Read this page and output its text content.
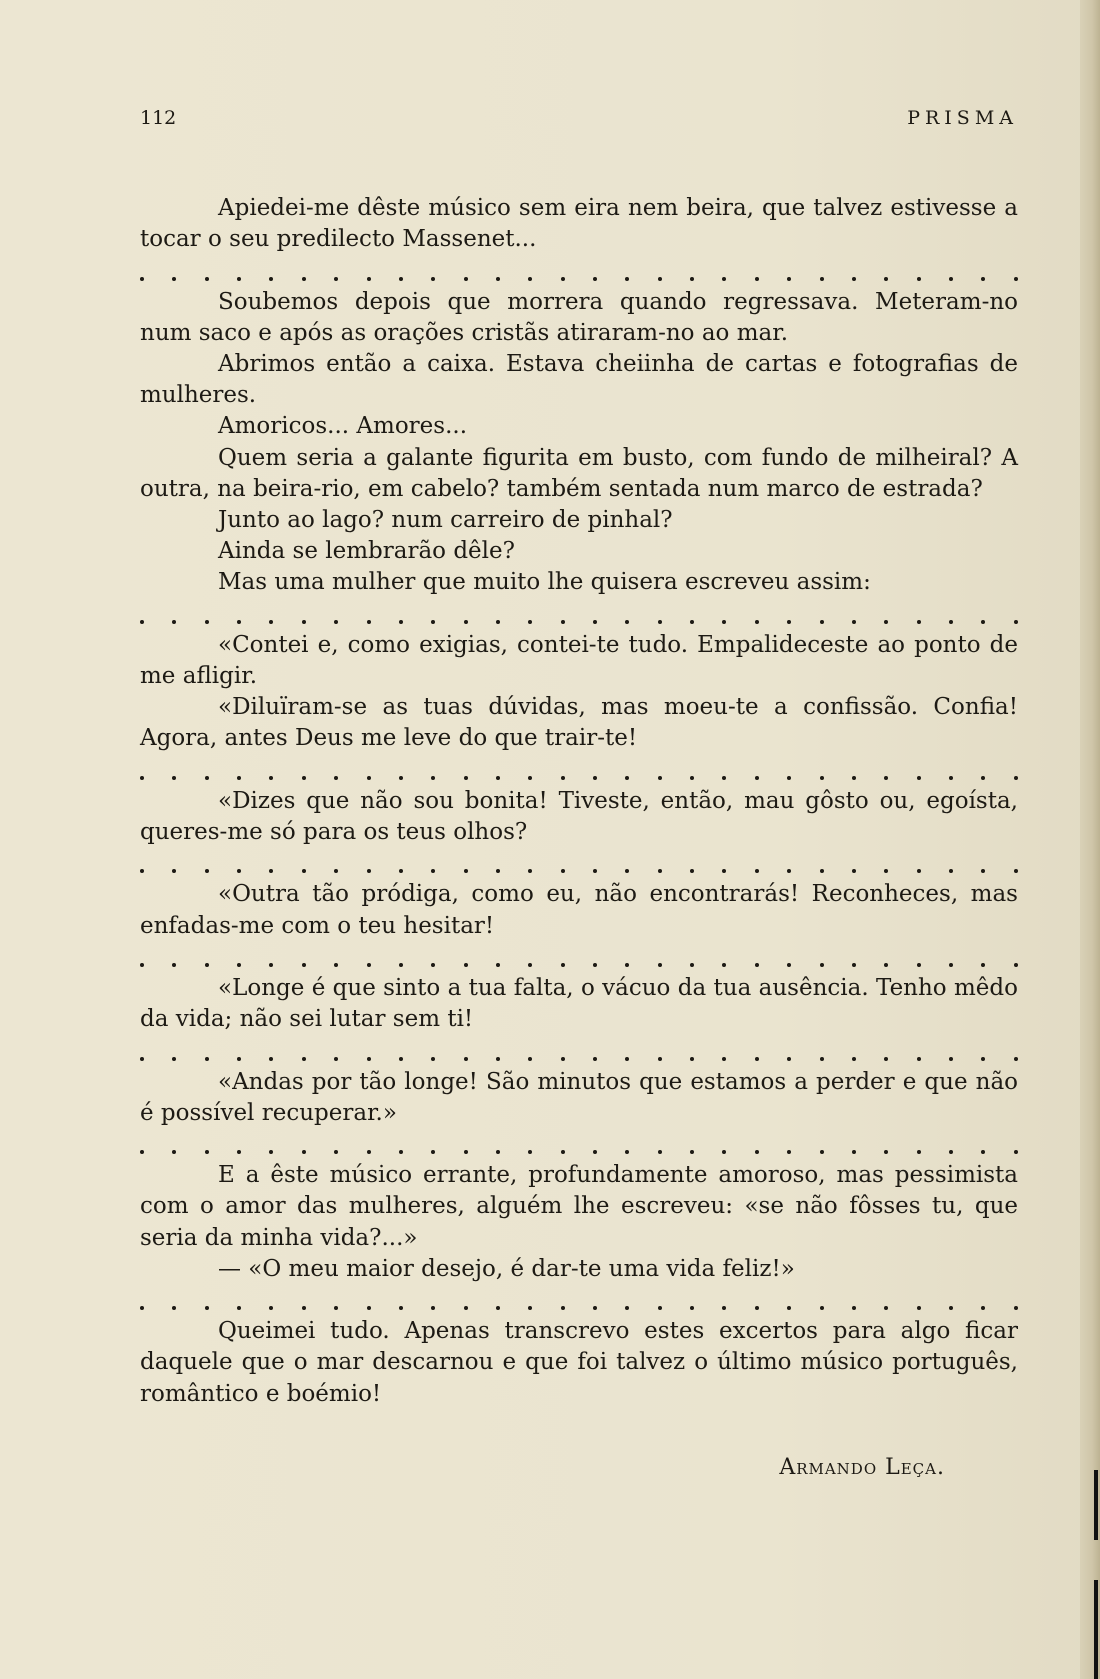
112	PRISMA

Apiedei-me dêste músico sem eira nem beira, que talvez estivesse a tocar o seu predilecto Massenet...

Soubemos depois que morrera quando regressava. Meteram-no num saco e após as orações cristãs atiraram-no ao mar.

Abrimos então a caixa. Estava cheiinha de cartas e fotografias de mulheres.

Amoricos... Amores...

Quem seria a galante figurita em busto, com fundo de milheiral? A outra, na beira-rio, em cabelo? também sentada num marco de estrada?

Junto ao lago? num carreiro de pinhal?

Ainda se lembrarão dêle?

Mas uma mulher que muito lhe quisera escreveu assim:

«Contei e, como exigias, contei-te tudo. Empalideceste ao ponto de me afligir.

«Diluïram-se as tuas dúvidas, mas moeu-te a confissão. Confia! Agora, antes Deus me leve do que trair-te!

«Dizes que não sou bonita! Tiveste, então, mau gôsto ou, egoísta, queres-me só para os teus olhos?

«Outra tão pródiga, como eu, não encontrarás! Reconheces, mas enfadas-me com o teu hesitar!

«Longe é que sinto a tua falta, o vácuo da tua ausência. Tenho mêdo da vida; não sei lutar sem ti!

«Andas por tão longe! São minutos que estamos a perder e que não é possível recuperar.»

E a êste músico errante, profundamente amoroso, mas pessimista com o amor das mulheres, alguém lhe escreveu: «se não fôsses tu, que seria da minha vida?...»

— «O meu maior desejo, é dar-te uma vida feliz!»

Queimei tudo. Apenas transcrevo estes excertos para algo ficar daquele que o mar descarnou e que foi talvez o último músico português, romântico e boémio!

Armando Leça.
